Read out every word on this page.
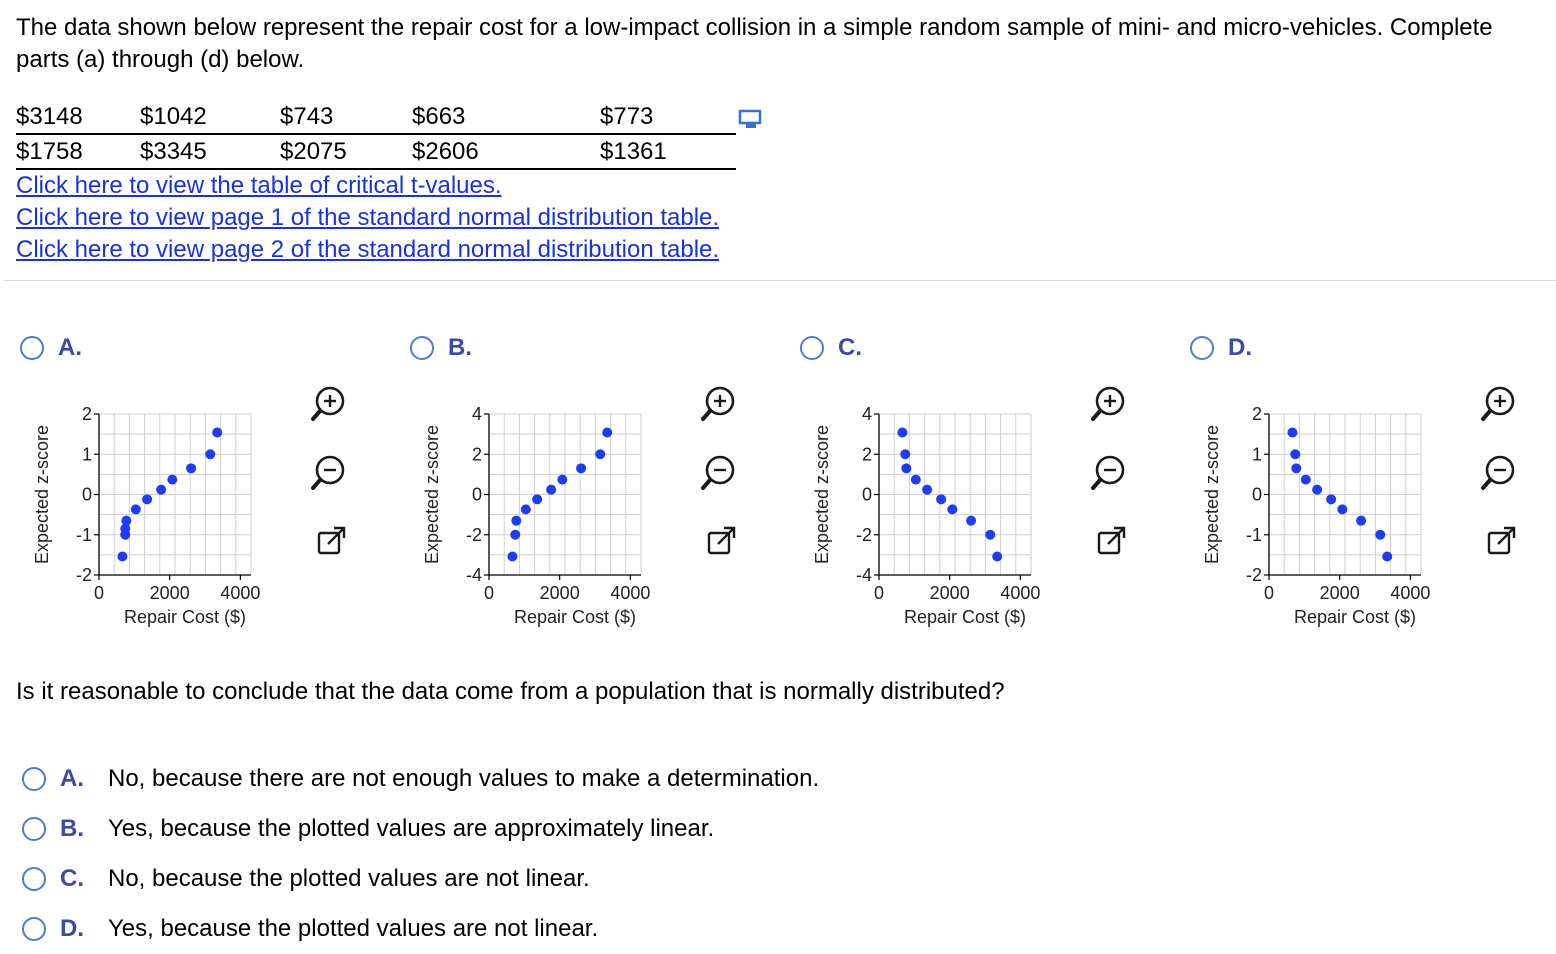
The data shown below represent the repair cost for a low-impact collision in a simple random sample of mini- and micro-vehicles. Complete parts (a) through (d) below.
$3148	$1042	$743	$663	$773
$1758	$3345	$2075	$2606	$1361
Click here to view the table of critical t-values.
Click here to view page 1 of the standard normal distribution table.
Click here to view page 2 of the standard normal distribution table.
A.	B.	C.	D.
2
1
0
-1
-2
0	2000 4000
Repair Cost ($)
Expected z-score
4
2
0
-2
-4
0	2000 4000
Repair Cost ($)
Expected z-score
4
2
0
-2
-4
0	2000 4000
Repair Cost ($)
Expected z-score
2
1
0
-1
-2
0	2000 4000
Repair Cost ($)
Expected z-score
Is it reasonable to conclude that the data come from a population that is normally distributed?
A.	No, because there are not enough values to make a determination.
B.	Yes, because the plotted values are approximately linear.
C.	No, because the plotted values are not linear.
D.	Yes, because the plotted values are not linear.
